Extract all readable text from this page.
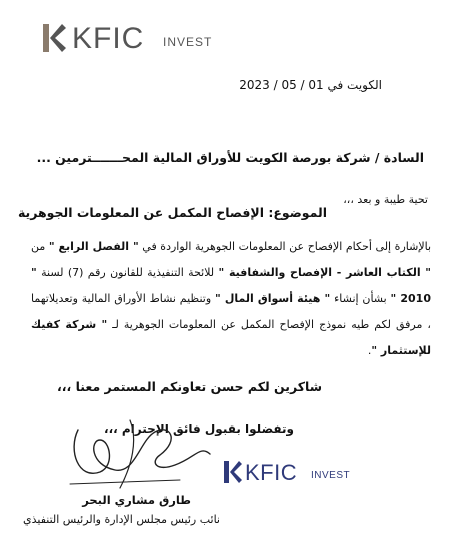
KFIC INVEST
الكويت في 01 / 05 / 2023
السادة / شركة بورصة الكويت للأوراق المالية المحـــــــترمين ...
تحية طيبة و بعد ،،،
الموضوع: الإفصاح المكمل عن المعلومات الجوهرية
بالإشارة إلى أحكام الإفصاح عن المعلومات الجوهرية الواردة في " الفصل الرابع " من " الكتاب العاشر - الإفصاح والشفافية " للائحة التنفيذية للقانون رقم (7) لسنة " 2010 " بشأن إنشاء " هيئة أسواق المال " وتنظيم نشاط الأوراق المالية وتعديلاتهما ، مرفق لكم طيه نموذج الإفصاح المكمل عن المعلومات الجوهرية لـ " شركة كفيك للإستثمار ".
شاكرين لكم حسن تعاونكم المستمر معنا ،،،
وتفضلوا بقبول فائق الإحترام ،،،
KFIC INVEST
طارق مشاري البحر
نائب رئيس مجلس الإدارة والرئيس التنفيذي
